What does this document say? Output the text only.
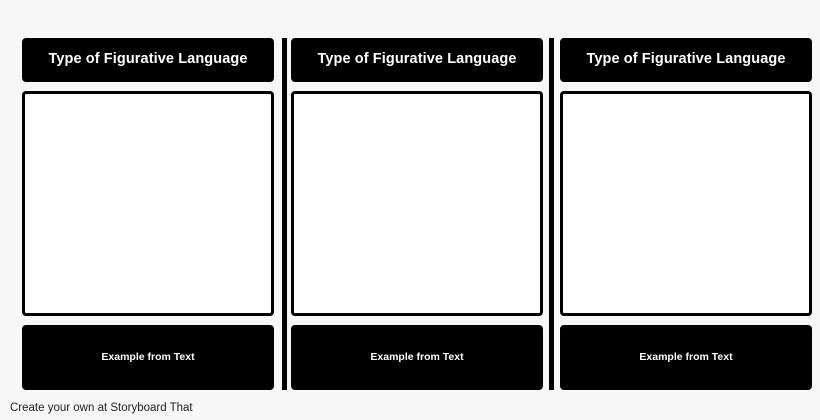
Type of Figurative Language
Example from Text
Type of Figurative Language
Example from Text
Type of Figurative Language
Example from Text
Create your own at Storyboard That
